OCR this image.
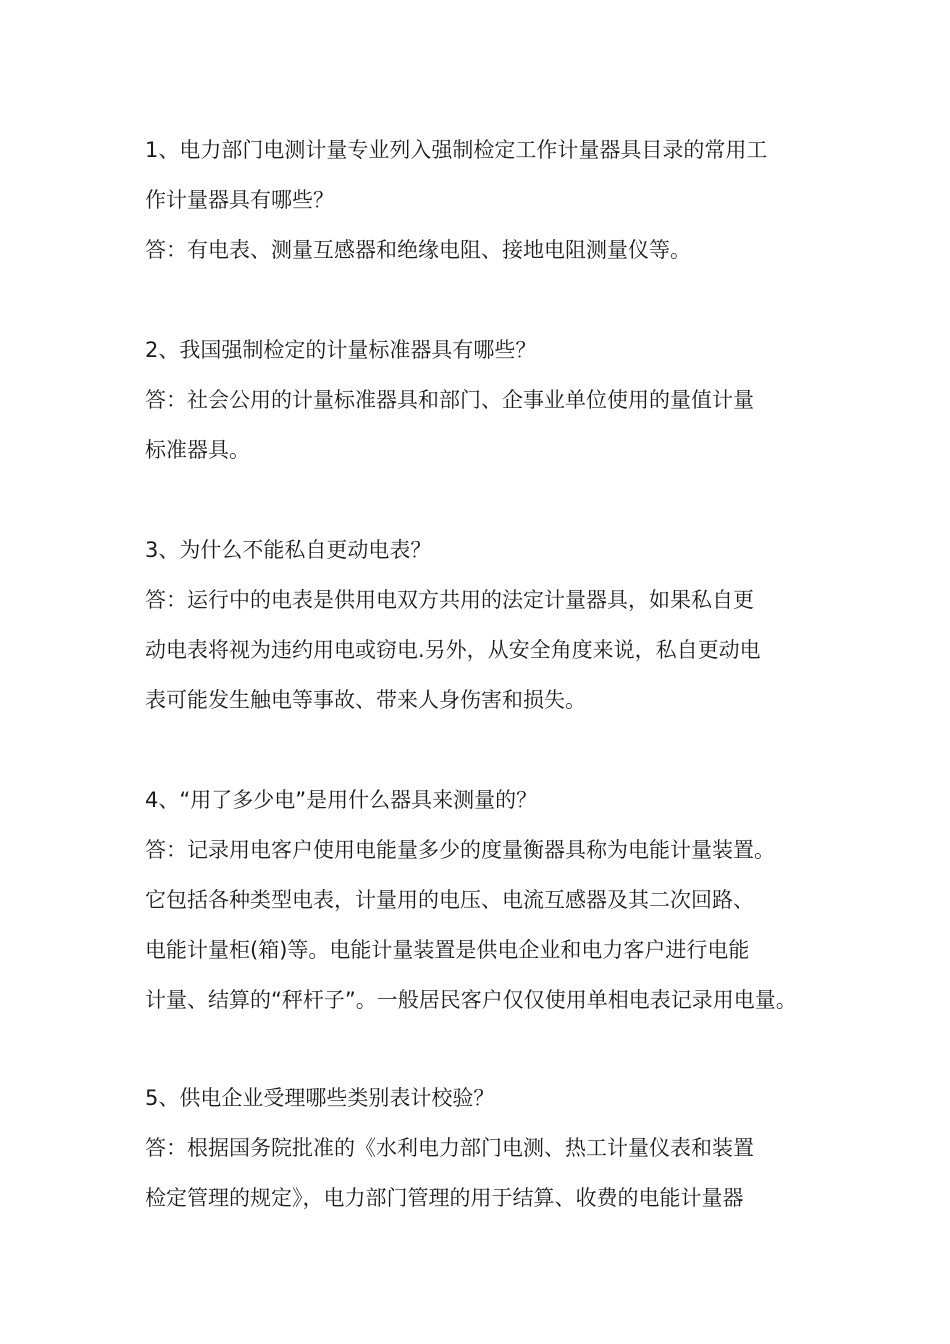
1、电力部门电测计量专业列入强制检定工作计量器具目录的常用工
作计量器具有哪些？
答：有电表、测量互感器和绝缘电阻、接地电阻测量仪等。
2、我国强制检定的计量标准器具有哪些？
答：社会公用的计量标准器具和部门、企事业单位使用的量值计量
标准器具。
3、为什么不能私自更动电表？
答：运行中的电表是供用电双方共用的法定计量器具，如果私自更
动电表将视为违约用电或窃电.另外，从安全角度来说，私自更动电
表可能发生触电等事故、带来人身伤害和损失。
4、“用了多少电”是用什么器具来测量的？
答：记录用电客户使用电能量多少的度量衡器具称为电能计量装置。
它包括各种类型电表，计量用的电压、电流互感器及其二次回路、
电能计量柜(箱)等。电能计量装置是供电企业和电力客户进行电能
计量、结算的“秤杆子”。一般居民客户仅仅使用单相电表记录用电量。
5、供电企业受理哪些类别表计校验？
答：根据国务院批准的《水利电力部门电测、热工计量仪表和装置
检定管理的规定》，电力部门管理的用于结算、收费的电能计量器
